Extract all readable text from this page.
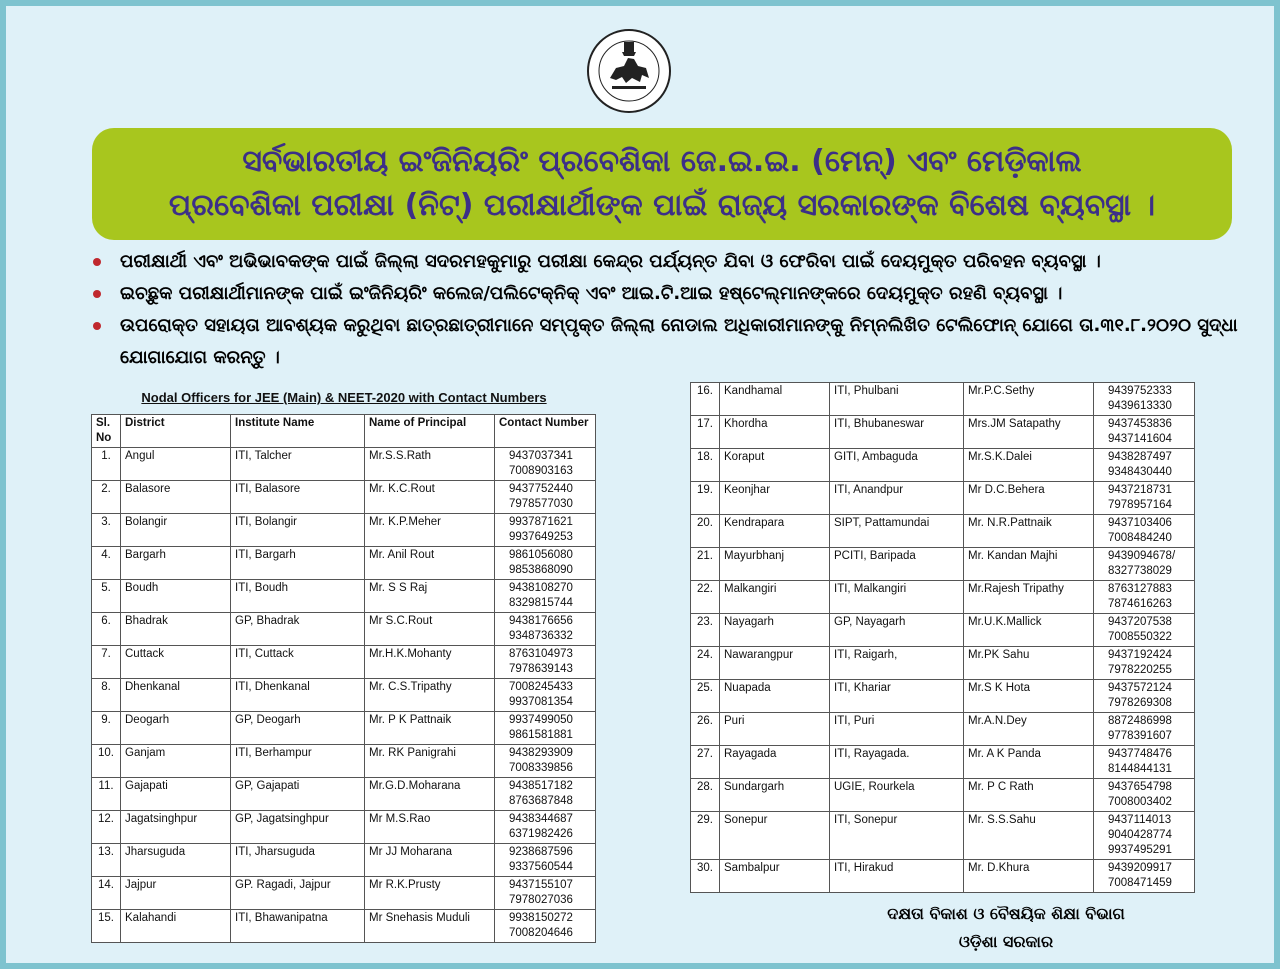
ସର୍ବଭାରତୀୟ ଇଂଜିନିୟରିଂ ପ୍ରବେଶିକା ଜେ.ଇ.ଇ. (ମେନ୍) ଏବଂ ମେଡ଼ିକାଲ
ପ୍ରବେଶିକା ପରୀକ୍ଷା (ନିଟ୍) ପରୀକ୍ଷାର୍ଥୀଙ୍କ ପାଇଁ ରାଜ୍ୟ ସରକାରଙ୍କ ବିଶେଷ ବ୍ୟବସ୍ଥା ।
ପରୀକ୍ଷାର୍ଥୀ ଏବଂ ଅଭିଭାବକଙ୍କ ପାଇଁ ଜିଲ୍ଲା ସଦରମହକୁମାରୁ ପରୀକ୍ଷା କେନ୍ଦ୍ର ପର୍ଯ୍ୟନ୍ତ ଯିବା ଓ ଫେରିବା ପାଇଁ ଦେୟମୁକ୍ତ ପରିବହନ ବ୍ୟବସ୍ଥା ।
ଇଚ୍ଛୁକ ପରୀକ୍ଷାର୍ଥୀମାନଙ୍କ ପାଇଁ ଇଂଜିନିୟରିଂ କଲେଜ/ପଲିଟେକ୍ନିକ୍ ଏବଂ ଆଇ.ଟି.ଆଇ ହଷ୍ଟେଲ୍‌ମାନଙ୍କରେ ଦେୟମୁକ୍ତ ରହଣି ବ୍ୟବସ୍ଥା ।
ଉପରୋକ୍ତ ସହାୟତା ଆବଶ୍ୟକ କରୁଥିବା ଛାତ୍ରଛାତ୍ରୀମାନେ ସମ୍ପୃକ୍ତ ଜିଲ୍ଲା ନୋଡାଲ ଅଧିକାରୀମାନଙ୍କୁ ନିମ୍ନଲିଖିତ ଟେଲିଫୋନ୍ ଯୋଗେ ତା.୩୧.୮.୨୦୨୦ ସୁଦ୍ଧା ଯୋଗାଯୋଗ କରନ୍ତୁ ।
Nodal Officers for JEE (Main) & NEET-2020 with Contact Numbers
Sl. No	District	Institute Name	Name of Principal	Contact Number
1.	Angul	ITI, Talcher	Mr.S.S.Rath	9437037341
7008903163

2.	Balasore	ITI, Balasore	Mr. K.C.Rout	9437752440
7978577030

3.	Bolangir	ITI, Bolangir	Mr. K.P.Meher	9937871621
9937649253

4.	Bargarh	ITI, Bargarh	Mr. Anil Rout	9861056080
9853868090

5.	Boudh	ITI, Boudh	Mr. S S Raj	9438108270
8329815744

6.	Bhadrak	GP, Bhadrak	Mr S.C.Rout	9438176656
9348736332

7.	Cuttack	ITI, Cuttack	Mr.H.K.Mohanty	8763104973
7978639143

8.	Dhenkanal	ITI, Dhenkanal	Mr. C.S.Tripathy	7008245433
9937081354

9.	Deogarh	GP, Deogarh	Mr. P K Pattnaik	9937499050
9861581881

10.	Ganjam	ITI, Berhampur	Mr. RK Panigrahi	9438293909
7008339856

11.	Gajapati	GP, Gajapati	Mr.G.D.Moharana	9438517182
8763687848

12.	Jagatsinghpur	GP, Jagatsinghpur	Mr M.S.Rao	9438344687
6371982426

13.	Jharsuguda	ITI, Jharsuguda	Mr JJ Moharana	9238687596
9337560544

14.	Jajpur	GP. Ragadi, Jajpur	Mr R.K.Prusty	9437155107
7978027036

15.	Kalahandi	ITI, Bhawanipatna	Mr Snehasis Muduli	9938150272
7008204646
16.	Kandhamal	ITI, Phulbani	Mr.P.C.Sethy	9439752333
9439613330

17.	Khordha	ITI, Bhubaneswar	Mrs.JM Satapathy	9437453836
9437141604

18.	Koraput	GITI, Ambaguda	Mr.S.K.Dalei	9438287497
9348430440

19.	Keonjhar	ITI, Anandpur	Mr D.C.Behera	9437218731
7978957164

20.	Kendrapara	SIPT, Pattamundai	Mr. N.R.Pattnaik	9437103406
7008484240

21.	Mayurbhanj	PCITI, Baripada	Mr. Kandan Majhi	9439094678/
8327738029

22.	Malkangiri	ITI, Malkangiri	Mr.Rajesh Tripathy	8763127883
7874616263

23.	Nayagarh	GP, Nayagarh	Mr.U.K.Mallick	9437207538
7008550322

24.	Nawarangpur	ITI, Raigarh,	Mr.PK Sahu	9437192424
7978220255

25.	Nuapada	ITI, Khariar	Mr.S K Hota	9437572124
7978269308

26.	Puri	ITI, Puri	Mr.A.N.Dey	8872486998
9778391607

27.	Rayagada	ITI, Rayagada.	Mr. A K Panda	9437748476
8144844131

28.	Sundargarh	UGIE, Rourkela	Mr. P C Rath	9437654798
7008003402

29.	Sonepur	ITI, Sonepur	Mr. S.S.Sahu	9437114013
9040428774
9937495291

30.	Sambalpur	ITI, Hirakud	Mr. D.Khura	9439209917
7008471459
ଦକ୍ଷତା ବିକାଶ ଓ ବୈଷୟିକ ଶିକ୍ଷା ବିଭାଗ
ଓଡ଼ିଶା ସରକାର
